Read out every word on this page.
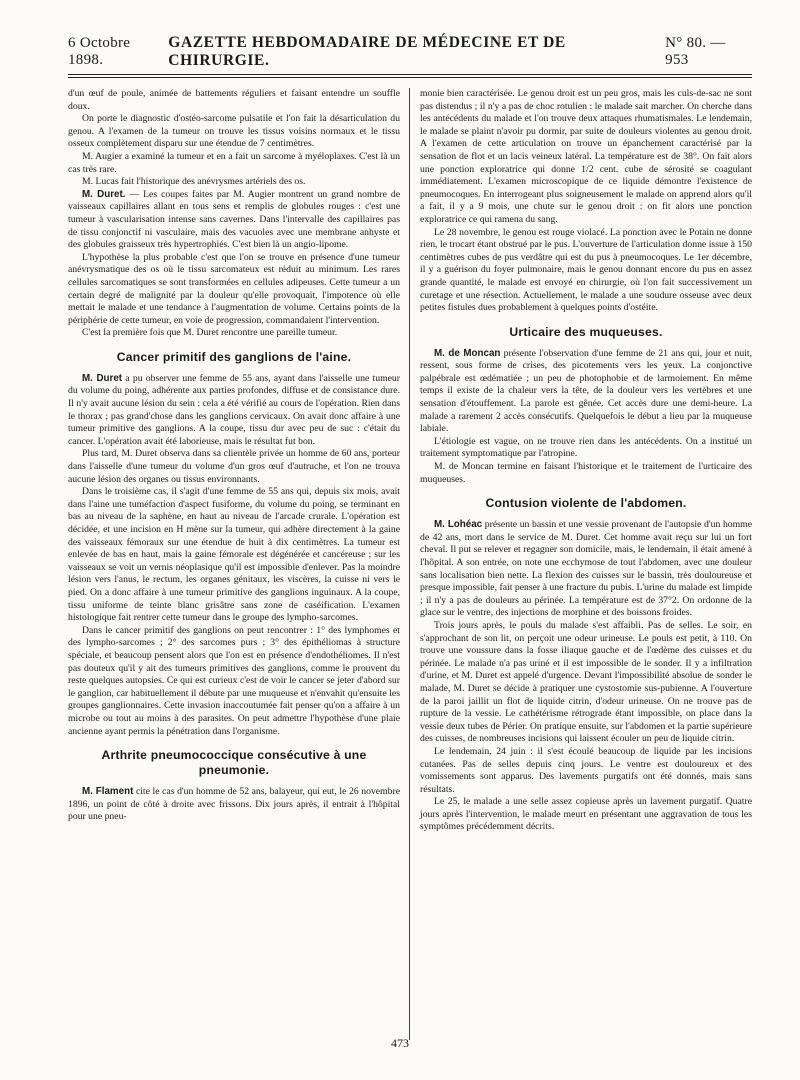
6 Octobre 1898.
GAZETTE HEBDOMADAIRE DE MÉDECINE ET DE CHIRURGIE.
N° 80. — 953

d'un œuf de poule, animée de battements réguliers et faisant entendre un souffle doux.

On porte le diagnostic d'ostéo-sarcome pulsatile et l'on fait la désarticulation du genou. A l'examen de la tumeur on trouve les tissus voisins normaux et le tissu osseux complètement disparu sur une étendue de 7 centimètres.

M. Augier a examiné la tumeur et en a fait un sarcome à myéloplaxes. C'est là un cas très rare.

M. Lucas fait l'historique des anévrysmes artériels des os.

M. Duret. — Les coupes faites par M. Augier montrent un grand nombre de vaisseaux capillaires allant en tous sens et remplis de globules rouges : c'est une tumeur à vascularisation intense sans cavernes. Dans l'intervalle des capillaires pas de tissu conjonctif ni vasculaire, mais des vacuoles avec une membrane anhyste et des globules graisseux très hypertrophiés. C'est bien là un angio-lipome.

L'hypothèse la plus probable c'est que l'on se trouve en présence d'une tumeur anévrysmatique des os où le tissu sarcomateux est réduit au minimum. Les rares cellules sarcomatiques se sont transformées en cellules adipeuses. Cette tumeur a un certain degré de malignité par la douleur qu'elle provoquait, l'impotence où elle mettait le malade et une tendance à l'augmentation de volume. Certains points de la périphérie de cette tumeur, en voie de progression, commandaient l'intervention.

C'est la première fois que M. Duret rencontre une pareille tumeur.

Cancer primitif des ganglions de l'aine.

M. Duret a pu observer une femme de 55 ans, ayant dans l'aisselle une tumeur du volume du poing, adhérente aux parties profondes, diffuse et de consistance dure. Il n'y avait aucune lésion du sein : cela a été vérifié au cours de l'opération. Rien dans le thorax ; pas grand'chose dans les ganglions cervicaux. On avait donc affaire à une tumeur primitive des ganglions. A la coupe, tissu dur avec peu de suc : c'était du cancer. L'opération avait été laborieuse, mais le résultat fut bon.

Plus tard, M. Duret observa dans sa clientèle privée un homme de 60 ans, porteur dans l'aisselle d'une tumeur du volume d'un gros œuf d'autruche, et l'on ne trouva aucune lésion des organes ou tissus environnants.

Dans le troisième cas, il s'agit d'une femme de 55 ans qui, depuis six mois, avait dans l'aine une tuméfaction d'aspect fusiforme, du volume du poing, se terminant en bas au niveau de la saphène, en haut au niveau de l'arcade crurale. L'opération est décidée, et une incision en H mène sur la tumeur, qui adhère directement à la gaine des vaisseaux fémoraux sur une étendue de huit à dix centimètres. La tumeur est enlevée de bas en haut, mais la gaine fémorale est dégénérée et cancéreuse ; sur les vaisseaux se voit un vernis néoplasique qu'il est impossible d'enlever. Pas la moindre lésion vers l'anus, le rectum, les organes génitaux, les viscères, la cuisse ni vers le pied. On a donc affaire à une tumeur primitive des ganglions inguinaux. A la coupe, tissu uniforme de teinte blanc grisâtre sans zone de caséification. L'examen histologique fait rentrer cette tumeur dans le groupe des lympho-sarcomes.

Dans le cancer primitif des ganglions on peut rencontrer : 1° des lymphomes et des lympho-sarcomes ; 2° des sarcomes purs ; 3° des épithéliomas à structure spéciale, et beaucoup pensent alors que l'on est en présence d'endothéliomes. Il n'est pas douteux qu'il y ait des tumeurs primitives des ganglions, comme le prouvent du reste quelques autopsies. Ce qui est curieux c'est de voir le cancer se jeter d'abord sur le ganglion, car habituellement il débute par une muqueuse et n'envahit qu'ensuite les groupes ganglionnaires. Cette invasion inaccoutumée fait penser qu'on a affaire à un microbe ou tout au moins à des parasites. On peut admettre l'hypothèse d'une plaie ancienne ayant permis la pénétration dans l'organisme.

Arthrite pneumococcique consécutive à une pneumonie.

M. Flament cite le cas d'un homme de 52 ans, balayeur, qui eut, le 26 novembre 1896, un point de côté à droite avec frissons. Dix jours après, il entrait à l'hôpital pour une pneu-

monie bien caractérisée. Le genou droit est un peu gros, mais les culs-de-sac ne sont pas distendus ; il n'y a pas de choc rotulien : le malade sait marcher. On cherche dans les antécédents du malade et l'on trouve deux attaques rhumatismales. Le lendemain, le malade se plaint n'avoir pu dormir, par suite de douleurs violentes au genou droit. A l'examen de cette articulation on trouve un épanchement caractérisé par la sensation de flot et un lacis veineux latéral. La température est de 38°. On fait alors une ponction exploratrice qui donne 1/2 cent. cube de sérosité se coagulant immédiatement. L'examen microscopique de ce liquide démontre l'existence de pneumocoques. En interrogeant plus soigneusement le malade on apprend alors qu'il a fait, il y a 9 mois, une chute sur le genou droit : on fit alors une ponction exploratrice ce qui ramena du sang.

Le 28 novembre, le genou est rouge violacé. La ponction avec le Potain ne donne rien, le trocart étant obstrué par le pus. L'ouverture de l'articulation donne issue à 150 centimètres cubes de pus verdâtre qui est du pus à pneumocoques. Le 1er décembre, il y a guérison du foyer pulmonaire, mais le genou donnant encore du pus en assez grande quantité, le malade est envoyé en chirurgie, où l'on fait successivement un curetage et une résection. Actuellement, le malade a une soudure osseuse avec deux petites fistules dues probablement à quelques points d'ostéite.

Urticaire des muqueuses.

M. de Moncan présente l'observation d'une femme de 21 ans qui, jour et nuit, ressent, sous forme de crises, des picotements vers les yeux. La conjonctive palpébrale est œdématiée ; un peu de photophobie et de larmoiement. En même temps il existe de la chaleur vers la tête, de la douleur vers les vertèbres et une sensation d'étouffement. La parole est gênée. Cet accès dure une demi-heure. La malade a rarement 2 accès consécutifs. Quelquefois le début a lieu par la muqueuse labiale.

L'étiologie est vague, on ne trouve rien dans les antécédents. On a institué un traitement symptomatique par l'atropine.

M. de Moncan termine en faisant l'historique et le traitement de l'urticaire des muqueuses.

Contusion violente de l'abdomen.

M. Lohéac présente un bassin et une vessie provenant de l'autopsie d'un homme de 42 ans, mort dans le service de M. Duret. Cet homme avait reçu sur lui un fort cheval. Il put se relever et regagner son domicile, mais, le lendemain, il était amené à l'hôpital. A son entrée, on note une ecchymose de tout l'abdomen, avec une douleur sans localisation bien nette. La flexion des cuisses sur le bassin, très douloureuse et presque impossible, fait penser à une fracture du pubis. L'urine du malade est limpide ; il n'y a pas de douleurs au périnée. La température est de 37°2. On ordonne de la glace sur le ventre, des injections de morphine et des boissons froides.

Trois jours après, le pouls du malade s'est affaibli. Pas de selles. Le soir, en s'approchant de son lit, on perçoit une odeur urineuse. Le pouls est petit, à 110. On trouve une voussure dans la fosse iliaque gauche et de l'œdème des cuisses et du périnée. Le malade n'a pas uriné et il est impossible de le sonder. Il y a infiltration d'urine, et M. Duret est appelé d'urgence. Devant l'impossibilité absolue de sonder le malade, M. Duret se décide à pratiquer une cystostomie sus-pubienne. A l'ouverture de la paroi jaillit un flot de liquide citrin, d'odeur urineuse. On ne trouve pas de rupture de la vessie. Le cathétérisme rétrograde étant impossible, on place dans la vessie deux tubes de Périer. On pratique ensuite, sur l'abdomen et la partie supérieure des cuisses, de nombreuses incisions qui laissent écouler un peu de liquide citrin.

Le lendemain, 24 juin : il s'est écoulé beaucoup de liquide par les incisions cutanées. Pas de selles depuis cinq jours. Le ventre est douloureux et des vomissements sont apparus. Des lavements purgatifs ont été donnés, mais sans résultats.

Le 25, le malade a une selle assez copieuse après un lavement purgatif. Quatre jours après l'intervention, le malade meurt en présentant une aggravation de tous les symptômes précédemment décrits.

473
